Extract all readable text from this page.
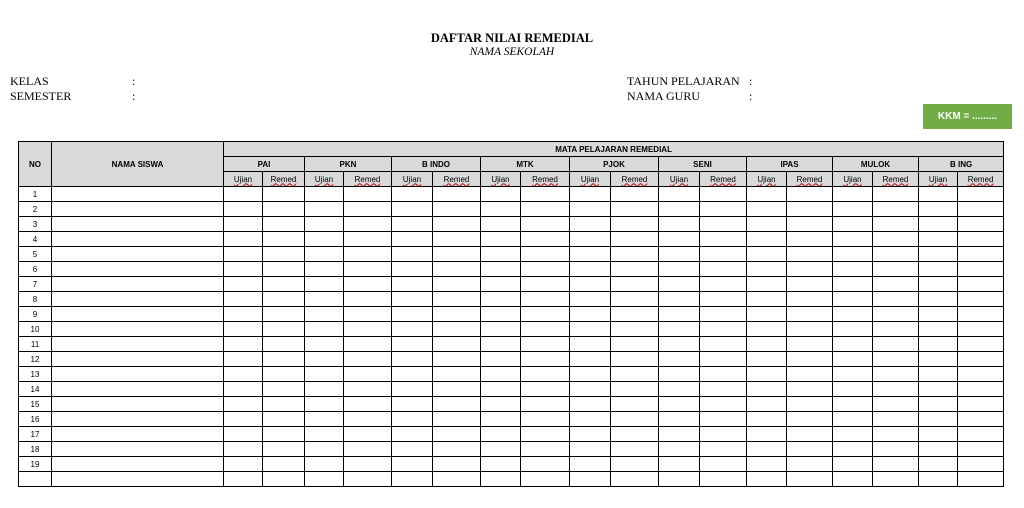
DAFTAR NILAI REMEDIAL
NAMA SEKOLAH
KELAS	:
SEMESTER	:
TAHUN PELAJARAN :
NAMA GURU	:
KKM = .........
NO	NAMA SISWA	MATA PELAJARAN REMEDIAL																	
		PAI		PKN		B INDO		MTK		PJOK		SENI		IPAS		MULOK		B ING	
		Ujian	Remed	Ujian	Remed	Ujian	Remed	Ujian	Remed	Ujian	Remed	Ujian	Remed	Ujian	Remed	Ujian	Remed	Ujian	Remed
1																			
2																			
3																			
4																			
5																			
6																			
7																			
8																			
9																			
10																			
11																			
12																			
13																			
14																			
15																			
16																			
17																			
18																			
19																			
